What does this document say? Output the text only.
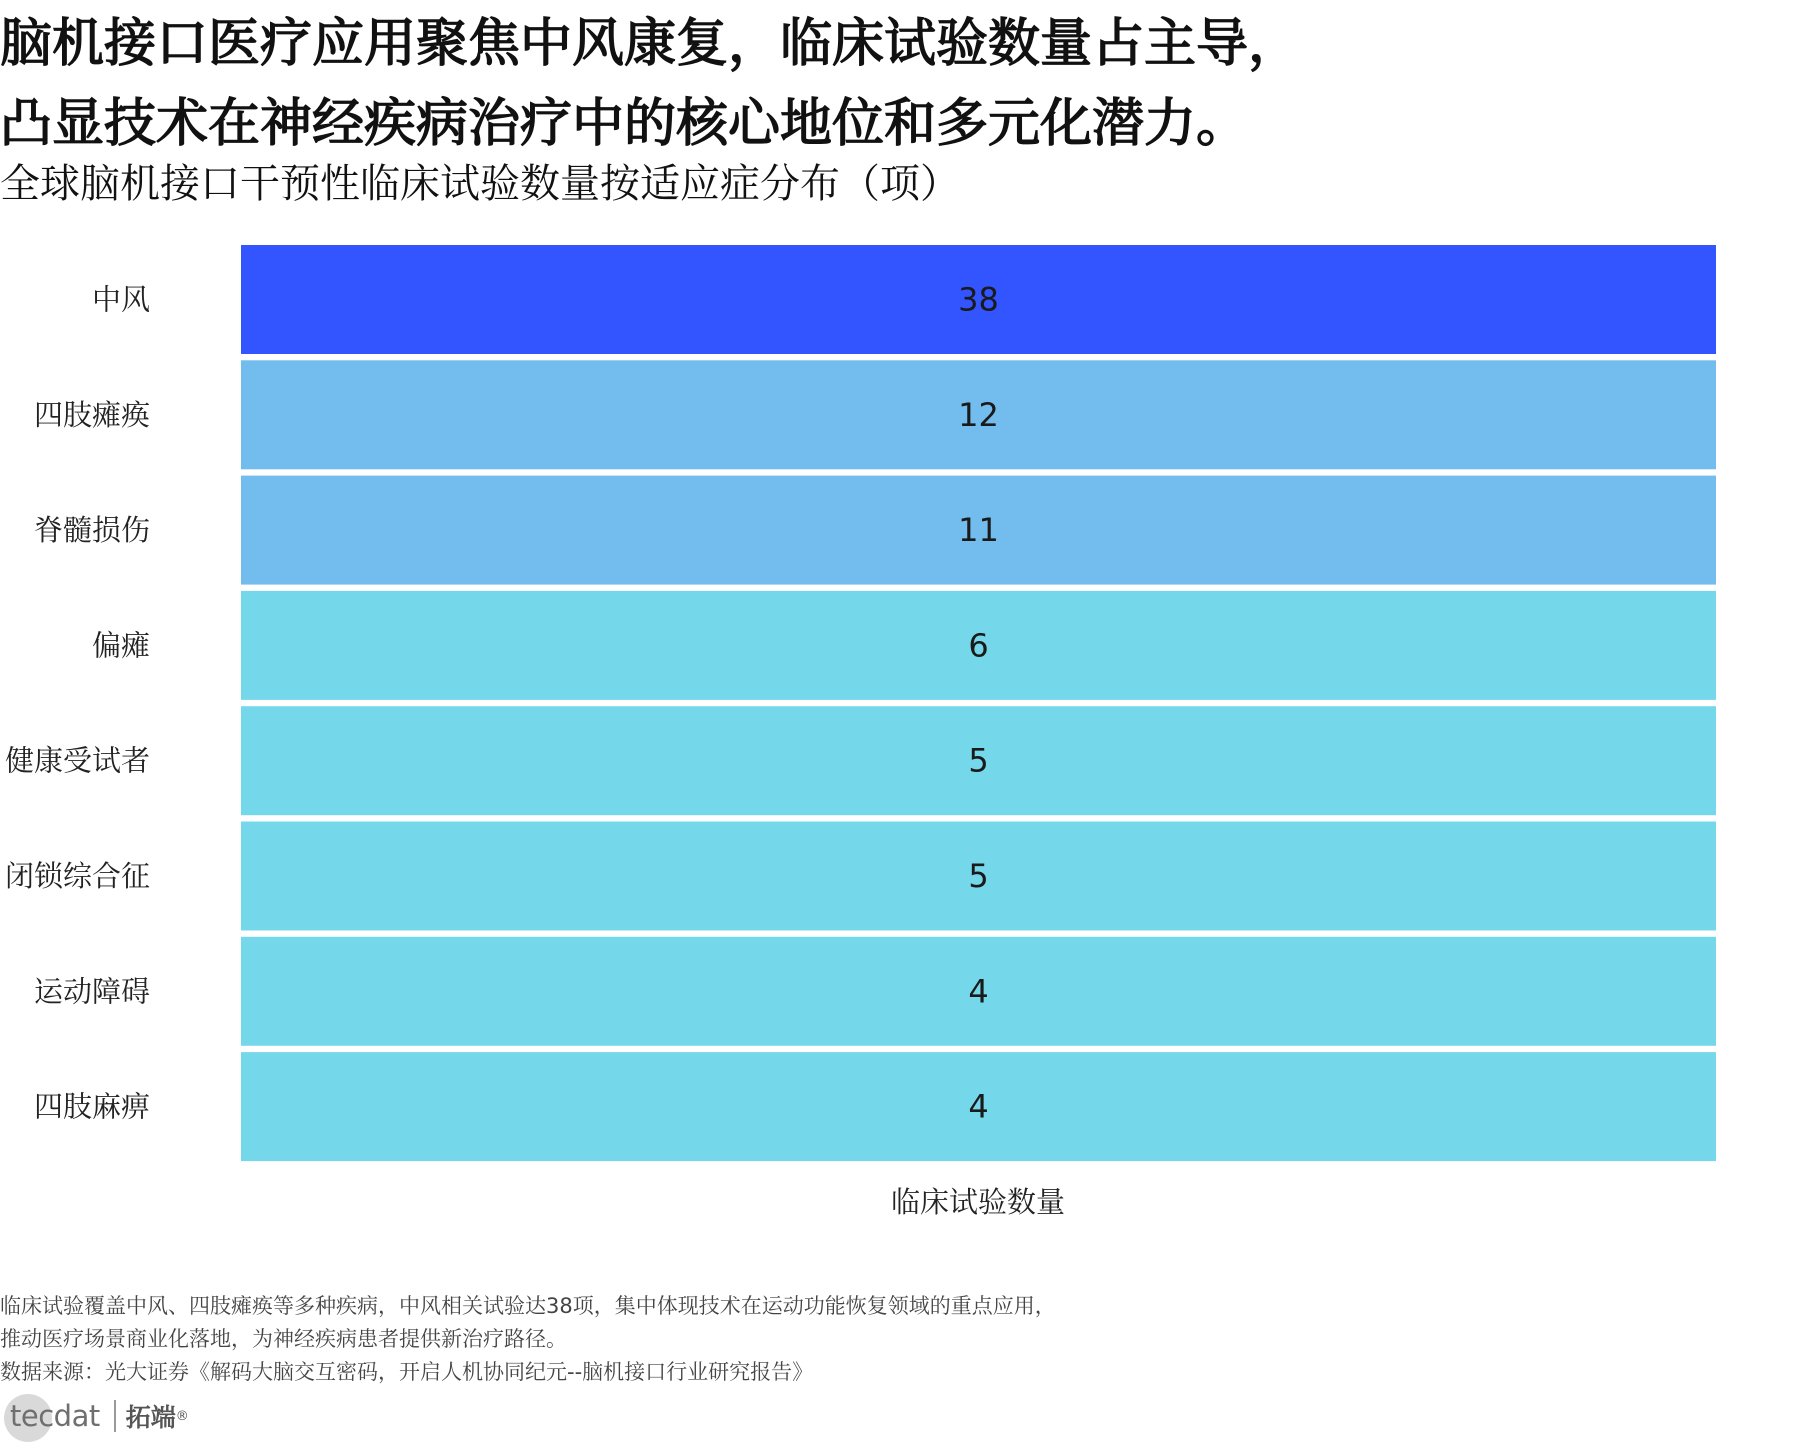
脑机接口医疗应用聚焦中风康复，临床试验数量占主导，
凸显技术在神经疾病治疗中的核心地位和多元化潜力。
全球脑机接口干预性临床试验数量按适应症分布（项）
中风
四肢瘫痪
脊髓损伤
偏瘫
健康受试者
闭锁综合征
运动障碍
四肢麻痹
38
12
11
6
5
5
4
4
临床试验数量
临床试验覆盖中风、四肢瘫痪等多种疾病，中风相关试验达38项，集中体现技术在运动功能恢复领域的重点应用，
推动医疗场景商业化落地，为神经疾病患者提供新治疗路径。
数据来源：光大证券《解码大脑交互密码，开启人机协同纪元--脑机接口行业研究报告》
tecdat 拓端 ®
